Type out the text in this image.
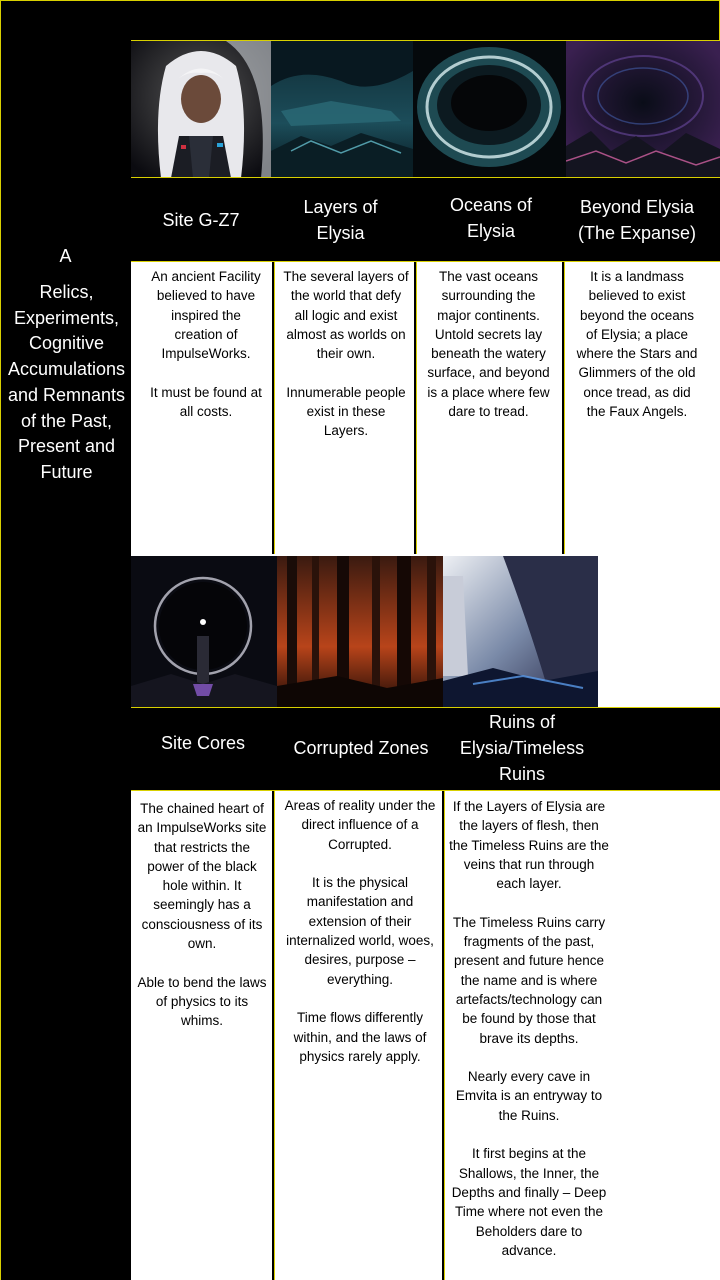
A
Relics, Experiments, Cognitive Accumulations and Remnants of the Past, Present and Future
Site G-Z7
Layers of Elysia
Oceans of Elysia
Beyond Elysia (The Expanse)

An ancient Facility believed to have inspired the creation of ImpulseWorks.

It must be found at all costs.

The several layers of the world that defy all logic and exist almost as worlds on their own.

Innumerable people exist in these Layers.

The vast oceans surrounding the major continents. Untold secrets lay beneath the watery surface, and beyond is a place where few dare to tread.

It is a landmass believed to exist beyond the oceans of Elysia; a place where the Stars and Glimmers of the old once tread, as did the Faux Angels.

Site Cores	Corrupted Zones
Ruins of Elysia/Timeless Ruins

The chained heart of an ImpulseWorks site that restricts the power of the black hole within. It seemingly has a consciousness of its own.

Able to bend the laws of physics to its whims.

Areas of reality under the direct influence of a Corrupted.

It is the physical manifestation and extension of their internalized world, woes, desires, purpose – everything.

Time flows differently within, and the laws of physics rarely apply.

If the Layers of Elysia are the layers of flesh, then the Timeless Ruins are the veins that run through each layer.

The Timeless Ruins carry fragments of the past, present and future hence the name and is where artefacts/technology can be found by those that brave its depths.

Nearly every cave in Emvita is an entryway to the Ruins.

It first begins at the Shallows, the Inner, the Depths and finally – Deep Time where not even the Beholders dare to advance.
